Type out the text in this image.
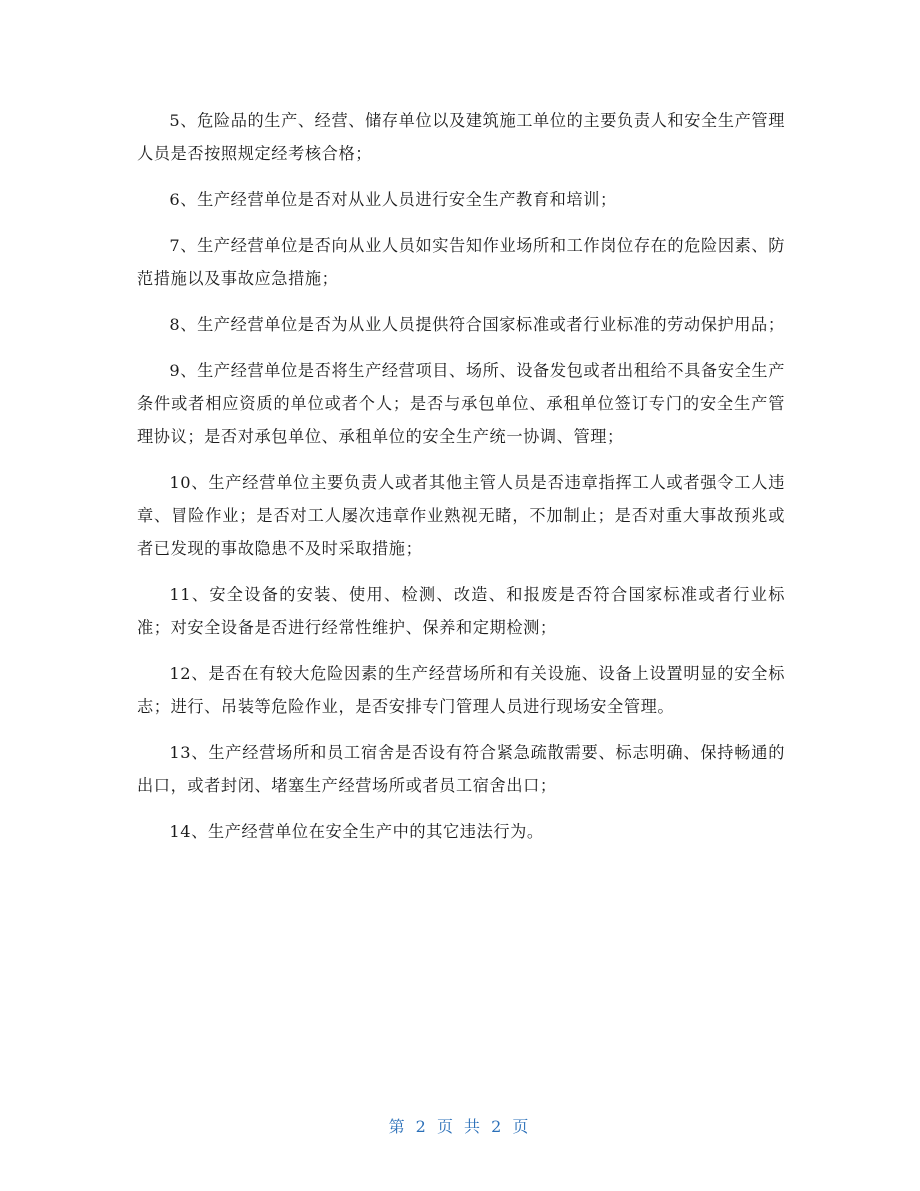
5、危险品的生产、经营、储存单位以及建筑施工单位的主要负责人和安全生产管理人员是否按照规定经考核合格；

6、生产经营单位是否对从业人员进行安全生产教育和培训；

7、生产经营单位是否向从业人员如实告知作业场所和工作岗位存在的危险因素、防范措施以及事故应急措施；

8、生产经营单位是否为从业人员提供符合国家标准或者行业标准的劳动保护用品；

9、生产经营单位是否将生产经营项目、场所、设备发包或者出租给不具备安全生产条件或者相应资质的单位或者个人；是否与承包单位、承租单位签订专门的安全生产管理协议；是否对承包单位、承租单位的安全生产统一协调、管理；

10、生产经营单位主要负责人或者其他主管人员是否违章指挥工人或者强令工人违章、冒险作业；是否对工人屡次违章作业熟视无睹，不加制止；是否对重大事故预兆或者已发现的事故隐患不及时采取措施；

11、安全设备的安装、使用、检测、改造、和报废是否符合国家标准或者行业标准；对安全设备是否进行经常性维护、保养和定期检测；

12、是否在有较大危险因素的生产经营场所和有关设施、设备上设置明显的安全标志；进行、吊装等危险作业，是否安排专门管理人员进行现场安全管理。

13、生产经营场所和员工宿舍是否设有符合紧急疏散需要、标志明确、保持畅通的出口，或者封闭、堵塞生产经营场所或者员工宿舍出口；

14、生产经营单位在安全生产中的其它违法行为。

第 2 页 共 2 页
